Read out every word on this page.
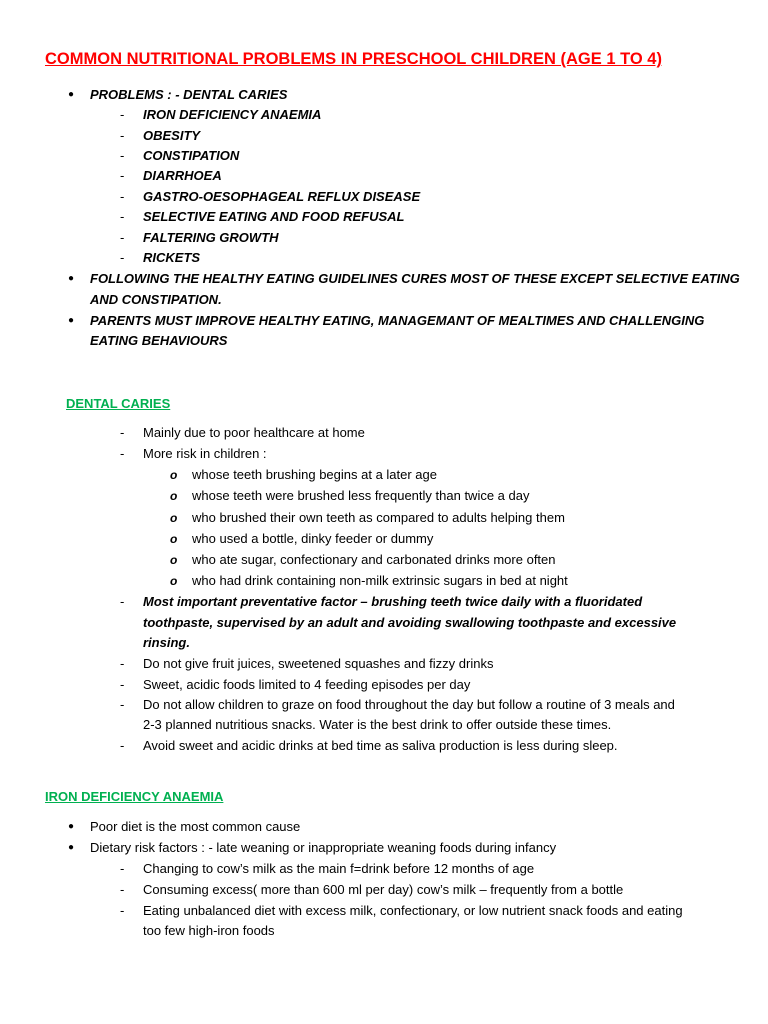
COMMON NUTRITIONAL PROBLEMS IN PRESCHOOL CHILDREN (AGE 1 TO 4)
● PROBLEMS : - DENTAL CARIES
- IRON DEFICIENCY ANAEMIA
- OBESITY
- CONSTIPATION
- DIARRHOEA
- GASTRO-OESOPHAGEAL REFLUX DISEASE
- SELECTIVE EATING AND FOOD REFUSAL
- FALTERING GROWTH
- RICKETS
● FOLLOWING THE HEALTHY EATING GUIDELINES CURES MOST OF THESE EXCEPT SELECTIVE EATING
AND CONSTIPATION.
● PARENTS MUST IMPROVE HEALTHY EATING, MANAGEMANT OF MEALTIMES AND CHALLENGING
EATING BEHAVIOURS
DENTAL CARIES
- Mainly due to poor healthcare at home
- More risk in children :
o whose teeth brushing begins at a later age
o whose teeth were brushed less frequently than twice a day
o who brushed their own teeth as compared to adults helping them
o who used a bottle, dinky feeder or dummy
o who ate sugar, confectionary and carbonated drinks more often
o who had drink containing non-milk extrinsic sugars in bed at night
- Most important preventative factor – brushing teeth twice daily with a fluoridated
toothpaste, supervised by an adult and avoiding swallowing toothpaste and excessive
rinsing.
- Do not give fruit juices, sweetened squashes and fizzy drinks
- Sweet, acidic foods limited to 4 feeding episodes per day
- Do not allow children to graze on food throughout the day but follow a routine of 3 meals and
2-3 planned nutritious snacks. Water is the best drink to offer outside these times.
- Avoid sweet and acidic drinks at bed time as saliva production is less during sleep.
IRON DEFICIENCY ANAEMIA
● Poor diet is the most common cause
● Dietary risk factors : - late weaning or inappropriate weaning foods during infancy
- Changing to cow’s milk as the main f=drink before 12 months of age
- Consuming excess( more than 600 ml per day) cow’s milk – frequently from a bottle
- Eating unbalanced diet with excess milk, confectionary, or low nutrient snack foods and eating
too few high-iron foods
